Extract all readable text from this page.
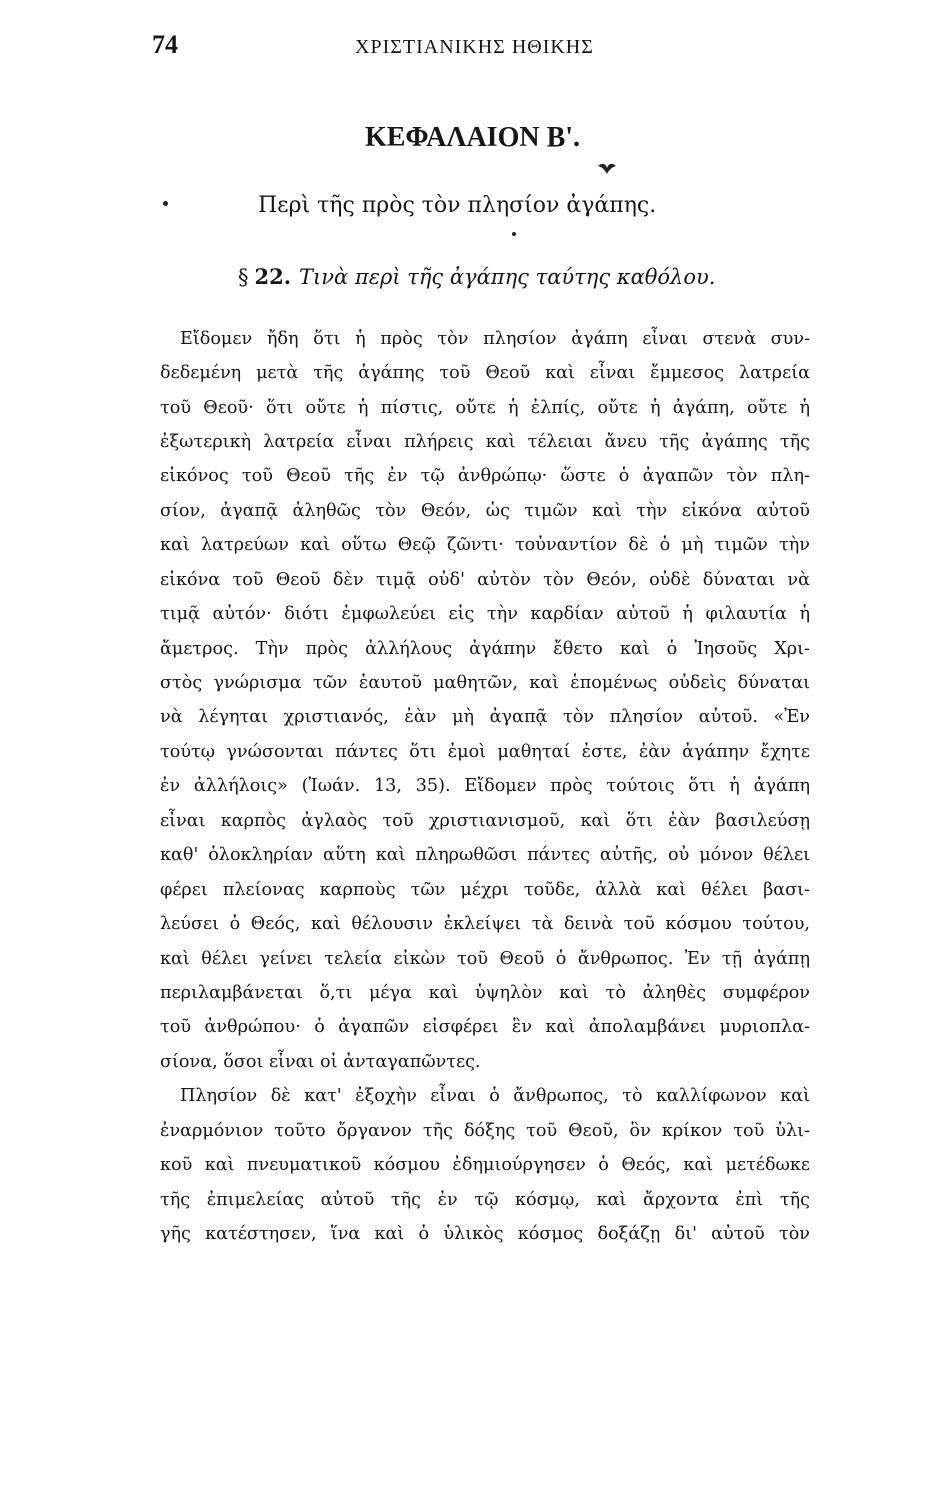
74	ΧΡΙΣΤΙΑΝΙΚΗΣ ΗΘΙΚΗΣ
ΚΕΦΑΛΑΙΟΝ Β'.
Περὶ τῆς πρὸς τὸν πλησίον ἀγάπης.
§ 22. Τινὰ περὶ τῆς ἀγάπης ταύτης καθόλου.
Εἴδομεν ἤδη ὅτι ἡ πρὸς τὸν πλησίον ἀγάπη εἶναι στενὰ συν-
δεδεμένη μετὰ τῆς ἀγάπης τοῦ Θεοῦ καὶ εἶναι ἔμμεσος λατρεία
τοῦ Θεοῦ· ὅτι οὔτε ἡ πίστις, οὔτε ἡ ἐλπίς, οὔτε ἡ ἀγάπη, οὔτε ἡ
ἐξωτερικὴ λατρεία εἶναι πλήρεις καὶ τέλειαι ἄνευ τῆς ἀγάπης τῆς
εἰκόνος τοῦ Θεοῦ τῆς ἐν τῷ ἀνθρώπῳ· ὥστε ὁ ἀγαπῶν τὸν πλη-
σίον, ἀγαπᾷ ἀληθῶς τὸν Θεόν, ὡς τιμῶν καὶ τὴν εἰκόνα αὐτοῦ
καὶ λατρεύων καὶ οὕτω Θεῷ ζῶντι· τοὐναντίον δὲ ὁ μὴ τιμῶν τὴν
εἰκόνα τοῦ Θεοῦ δὲν τιμᾷ οὐδ' αὐτὸν τὸν Θεόν, οὐδὲ δύναται νὰ
τιμᾷ αὐτόν· διότι ἐμφωλεύει εἰς τὴν καρδίαν αὐτοῦ ἡ φιλαυτία ἡ
ἄμετρος. Τὴν πρὸς ἀλλήλους ἀγάπην ἔθετο καὶ ὁ Ἰησοῦς Χρι-
στὸς γνώρισμα τῶν ἑαυτοῦ μαθητῶν, καὶ ἑπομένως οὐδεὶς δύναται
νὰ λέγηται χριστιανός, ἐὰν μὴ ἀγαπᾷ τὸν πλησίον αὐτοῦ. «Ἐν
τούτῳ γνώσονται πάντες ὅτι ἐμοὶ μαθηταί ἐστε, ἐὰν ἀγάπην ἔχητε
ἐν ἀλλήλοις» (Ἰωάν. 13, 35). Εἴδομεν πρὸς τούτοις ὅτι ἡ ἀγάπη
εἶναι καρπὸς ἀγλαὸς τοῦ χριστιανισμοῦ, καὶ ὅτι ἐὰν βασιλεύσῃ
καθ' ὁλοκληρίαν αὕτη καὶ πληρωθῶσι πάντες αὐτῆς, οὐ μόνον θέλει
φέρει πλείονας καρποὺς τῶν μέχρι τοῦδε, ἀλλὰ καὶ θέλει βασι-
λεύσει ὁ Θεός, καὶ θέλουσιν ἐκλείψει τὰ δεινὰ τοῦ κόσμου τούτου,
καὶ θέλει γείνει τελεία εἰκὼν τοῦ Θεοῦ ὁ ἄνθρωπος. Ἐν τῇ ἀγάπῃ
περιλαμβάνεται ὅ,τι μέγα καὶ ὑψηλὸν καὶ τὸ ἀληθὲς συμφέρον
τοῦ ἀνθρώπου· ὁ ἀγαπῶν εἰσφέρει ἓν καὶ ἀπολαμβάνει μυριοπλα-
σίονα, ὅσοι εἶναι οἱ ἀνταγαπῶντες.
Πλησίον δὲ κατ' ἐξοχὴν εἶναι ὁ ἄνθρωπος, τὸ καλλίφωνον καὶ
ἐναρμόνιον τοῦτο ὄργανον τῆς δόξης τοῦ Θεοῦ, ὃν κρίκον τοῦ ὑλι-
κοῦ καὶ πνευματικοῦ κόσμου ἐδημιούργησεν ὁ Θεός, καὶ μετέδωκε
τῆς ἐπιμελείας αὐτοῦ τῆς ἐν τῷ κόσμῳ, καὶ ἄρχοντα ἐπὶ τῆς
γῆς κατέστησεν, ἵνα καὶ ὁ ὑλικὸς κόσμος δοξάζῃ δι' αὐτοῦ τὸν
